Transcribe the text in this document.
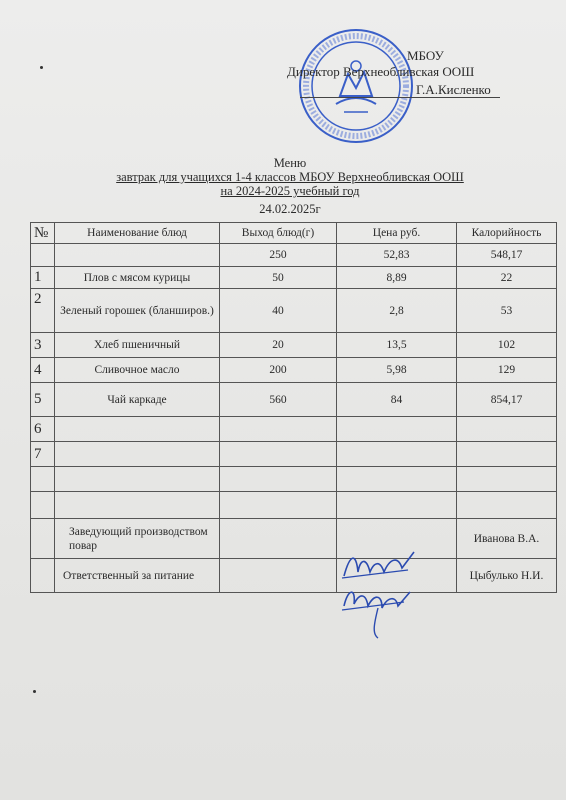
МБОУ
Директор Верхнеобливская ООШ
Г.А.Кисленко
Меню
завтрак для учащихся 1-4 классов МБОУ Верхнеобливская ООШ
на 2024-2025 учебный год
24.02.2025г
№	Наименование блюд	Выход блюд(г)	Цена руб.	Калорийность
		250	52,83	548,17
1	Плов с мясом курицы	50	8,89	22
2	Зеленый горошек (бланширов.)	40	2,8	53
3	Хлеб пшеничный	20	13,5	102
4	Сливочное масло	200	5,98	129
5	Чай каркаде	560	84	854,17
6				
7				

	Заведующий производством повар			Иванова В.А.
	Ответственный за питание			Цыбулько Н.И.
